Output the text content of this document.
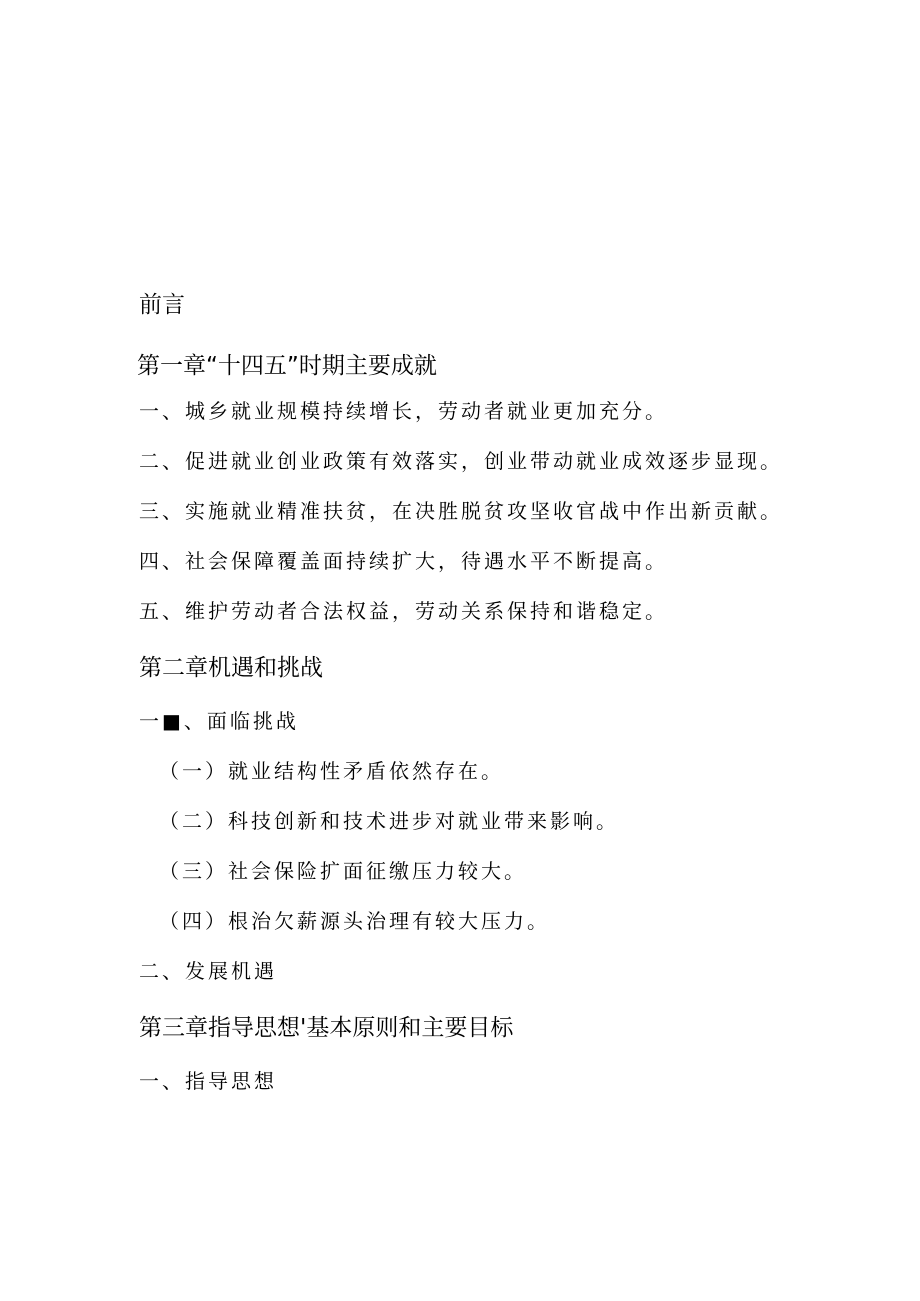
前言
第一章“十四五”时期主要成就
一、城乡就业规模持续增长，劳动者就业更加充分。
二、促进就业创业政策有效落实，创业带动就业成效逐步显现。
三、实施就业精准扶贫，在决胜脱贫攻坚收官战中作出新贡献。
四、社会保障覆盖面持续扩大，待遇水平不断提高。
五、维护劳动者合法权益，劳动关系保持和谐稳定。
第二章机遇和挑战
一■、面临挑战
（一）就业结构性矛盾依然存在。
（二）科技创新和技术进步对就业带来影响。
（三）社会保险扩面征缴压力较大。
（四）根治欠薪源头治理有较大压力。
二、发展机遇
第三章指导思想'基本原则和主要目标
一、指导思想
